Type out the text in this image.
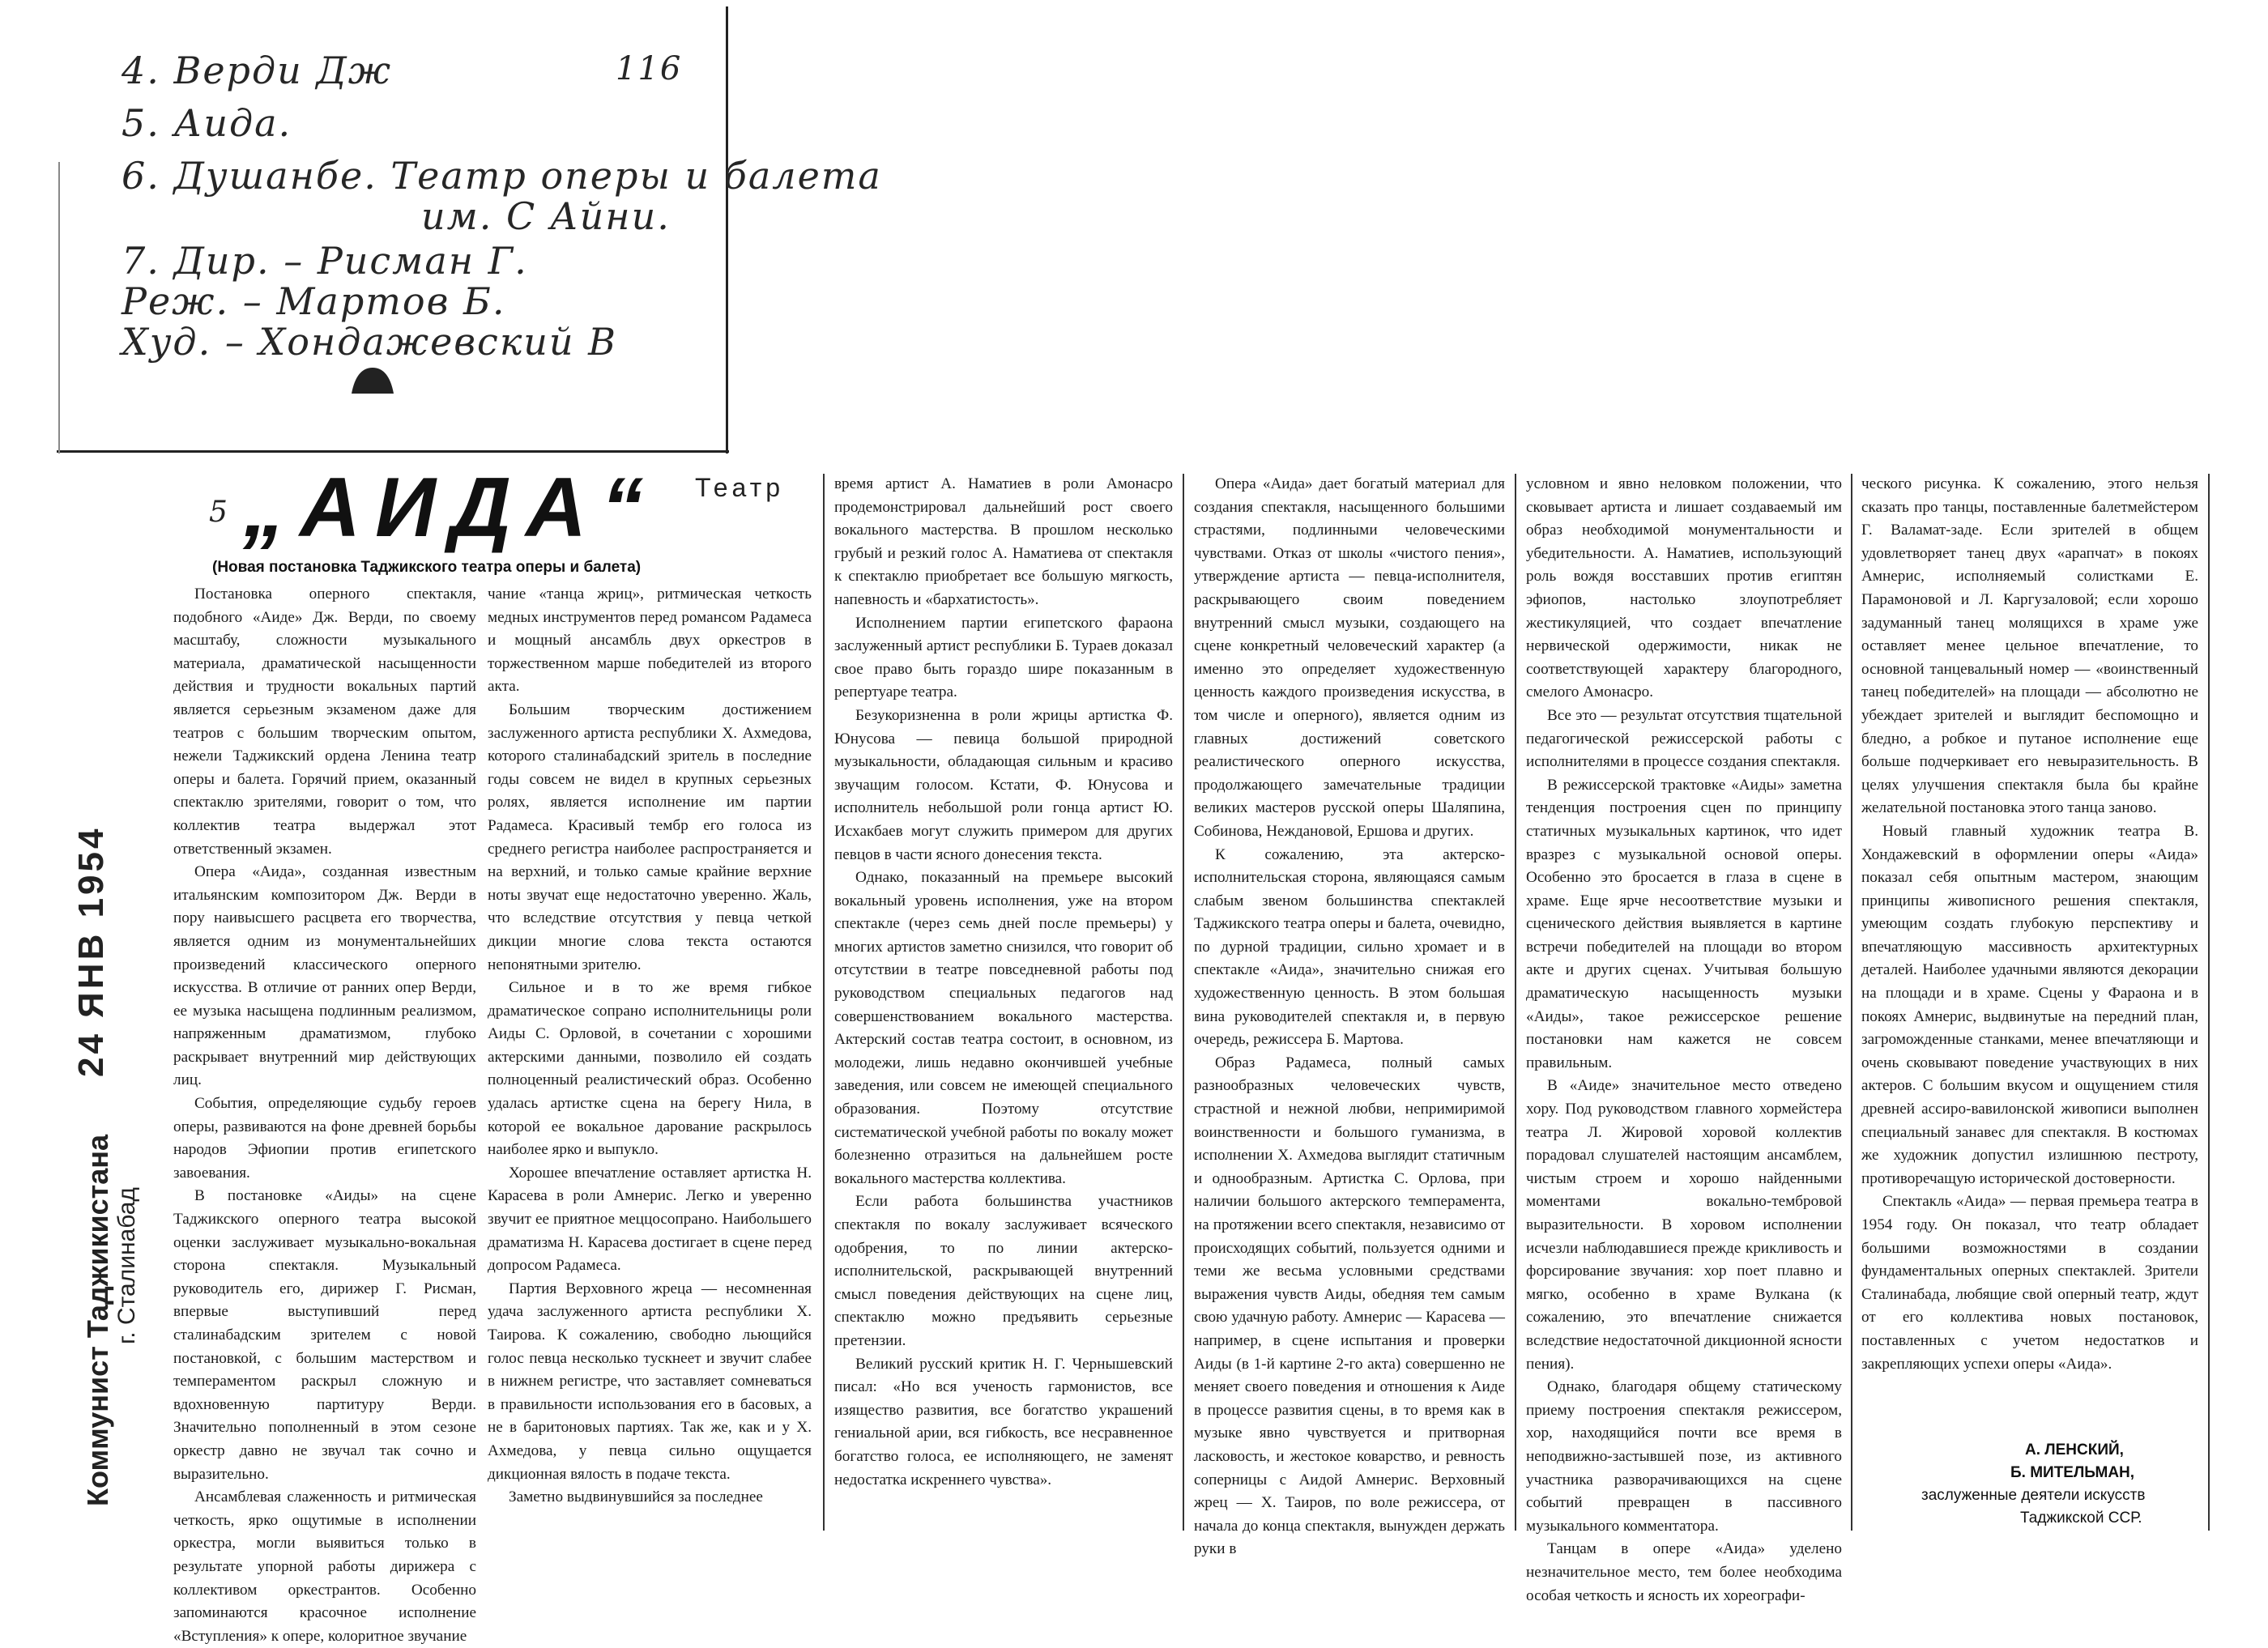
4. Верди Дж	116
5. Аида.
6. Душанбе. Театр оперы и балета
им. С Айни.
7. Дир. – Рисман Г.
Реж. – Мартов Б.
Худ. – Хондажевский В
5 „АИДА“ Театр
(Новая постановка Таджикского театра оперы и балета)

Постановка оперного спектакля, подобного «Аиде» Дж. Верди, по своему масштабу, сложности музыкального материала, драматической насыщенности действия и трудности вокальных партий является серьезным экзаменом даже для театров с большим творческим опытом, нежели Таджикский ордена Ленина театр оперы и балета. Горячий прием, оказанный спектаклю зрителями, говорит о том, что коллектив театра выдержал этот ответственный экзамен.

Опера «Аида», созданная известным итальянским композитором Дж. Верди в пору наивысшего расцвета его творчества, является одним из монументальнейших произведений классического оперного искусства. В отличие от ранних опер Верди, ее музыка насыщена подлинным реализмом, напряженным драматизмом, глубоко раскрывает внутренний мир действующих лиц.

События, определяющие судьбу героев оперы, развиваются на фоне древней борьбы народов Эфиопии против египетского завоевания.

В постановке «Аиды» на сцене Таджикского оперного театра высокой оценки заслуживает музыкально-вокальная сторона спектакля. Музыкальный руководитель его, дирижер Г. Рисман, впервые выступивший перед сталинабадским зрителем с новой постановкой, с большим мастерством и темпераментом раскрыл сложную и вдохновенную партитуру Верди. Значительно пополненный в этом сезоне оркестр давно не звучал так сочно и выразительно.

Ансамблевая слаженность и ритмическая четкость, ярко ощутимые в исполнении оркестра, могли выявиться только в результате упорной работы дирижера с коллективом оркестрантов. Особенно запоминаются красочное исполнение «Вступления» к опере, колоритное звучание

чание «танца жриц», ритмическая четкость медных инструментов перед романсом Радамеса и мощный ансамбль двух оркестров в торжественном марше победителей из второго акта.

Большим творческим достижением заслуженного артиста республики Х. Ахмедова, которого сталинабадский зритель в последние годы совсем не видел в крупных серьезных ролях, является исполнение им партии Радамеса. Красивый тембр его голоса из среднего регистра наиболее распространяется и на верхний, и только самые крайние верхние ноты звучат еще недостаточно уверенно. Жаль, что вследствие отсутствия у певца четкой дикции многие слова текста остаются непонятными зрителю.

Сильное и в то же время гибкое драматическое сопрано исполнительницы роли Аиды С. Орловой, в сочетании с хорошими актерскими данными, позволило ей создать полноценный реалистический образ. Особенно удалась артистке сцена на берегу Нила, в которой ее вокальное дарование раскрылось наиболее ярко и выпукло.

Хорошее впечатление оставляет артистка Н. Карасева в роли Амнерис. Легко и уверенно звучит ее приятное меццосопрано. Наибольшего драматизма Н. Карасева достигает в сцене перед допросом Радамеса.

Партия Верховного жреца — несомненная удача заслуженного артиста республики Х. Таирова. К сожалению, свободно льющийся голос певца несколько тускнеет и звучит слабее в нижнем регистре, что заставляет сомневаться в правильности использования его в басовых, а не в баритоновых партиях. Так же, как и у Х. Ахмедова, у певца сильно ощущается дикционная вялость в подаче текста.

Заметно выдвинувшийся за последнее

время артист А. Наматиев в роли Амонасро продемонстрировал дальнейший рост своего вокального мастерства. В прошлом несколько грубый и резкий голос А. Наматиева от спектакля к спектаклю приобретает все большую мягкость, напевность и «бархатистость».

Исполнением партии египетского фараона заслуженный артист республики Б. Тураев доказал свое право быть гораздо шире показанным в репертуаре театра.

Безукоризненна в роли жрицы артистка Ф. Юнусова — певица большой природной музыкальности, обладающая сильным и красиво звучащим голосом. Кстати, Ф. Юнусова и исполнитель небольшой роли гонца артист Ю. Исхакбаев могут служить примером для других певцов в части ясного донесения текста.

Однако, показанный на премьере высокий вокальный уровень исполнения, уже на втором спектакле (через семь дней после премьеры) у многих артистов заметно снизился, что говорит об отсутствии в театре повседневной работы под руководством специальных педагогов над совершенствованием вокального мастерства. Актерский состав театра состоит, в основном, из молодежи, лишь недавно окончившей учебные заведения, или совсем не имеющей специального образования. Поэтому отсутствие систематической учебной работы по вокалу может болезненно отразиться на дальнейшем росте вокального мастерства коллектива.

Если работа большинства участников спектакля по вокалу заслуживает всяческого одобрения, то по линии актерско-исполнительской, раскрывающей внутренний смысл поведения действующих на сцене лиц, спектаклю можно предъявить серьезные претензии.

Великий русский критик Н. Г. Чернышевский писал: «Но вся ученость гармонистов, все изящество развития, все богатство украшений гениальной арии, вся гибкость, все несравненное богатство голоса, ее исполняющего, не заменят недостатка искреннего чувства».

Опера «Аида» дает богатый материал для создания спектакля, насыщенного большими страстями, подлинными человеческими чувствами. Отказ от школы «чистого пения», утверждение артиста — певца-исполнителя, раскрывающего своим поведением внутренний смысл музыки, создающего на сцене конкретный человеческий характер (а именно это определяет художественную ценность каждого произведения искусства, в том числе и оперного), является одним из главных достижений советского реалистического оперного искусства, продолжающего замечательные традиции великих мастеров русской оперы Шаляпина, Собинова, Неждановой, Ершова и других.

К сожалению, эта актерско-исполнительская сторона, являющаяся самым слабым звеном большинства спектаклей Таджикского театра оперы и балета, очевидно, по дурной традиции, сильно хромает и в спектакле «Аида», значительно снижая его художественную ценность. В этом большая вина руководителей спектакля и, в первую очередь, режиссера Б. Мартова.

Образ Радамеса, полный самых разнообразных человеческих чувств, страстной и нежной любви, непримиримой воинственности и большого гуманизма, в исполнении Х. Ахмедова выглядит статичным и однообразным. Артистка С. Орлова, при наличии большого актерского темперамента, на протяжении всего спектакля, независимо от происходящих событий, пользуется одними и теми же весьма условными средствами выражения чувств Аиды, обедняя тем самым свою удачную работу. Амнерис — Карасева — например, в сцене испытания и проверки Аиды (в 1-й картине 2-го акта) совершенно не меняет своего поведения и отношения к Аиде в процессе развития сцены, в то время как в музыке явно чувствуется и притворная ласковость, и жестокое коварство, и ревность соперницы с Аидой Амнерис. Верховный жрец — Х. Таиров, по воле режиссера, от начала до конца спектакля, вынужден держать руки в

условном и явно неловком положении, что сковывает артиста и лишает создаваемый им образ необходимой монументальности и убедительности. А. Наматиев, использующий роль вождя восставших против египтян эфиопов, настолько злоупотребляет жестикуляцией, что создает впечатление нервической одержимости, никак не соответствующей характеру благородного, смелого Амонасро.

Все это — результат отсутствия тщательной педагогической режиссерской работы с исполнителями в процессе создания спектакля.

В режиссерской трактовке «Аиды» заметна тенденция построения сцен по принципу статичных музыкальных картинок, что идет вразрез с музыкальной основой оперы. Особенно это бросается в глаза в сцене в храме. Еще ярче несоответствие музыки и сценического действия выявляется в картине встречи победителей на площади во втором акте и других сценах. Учитывая большую драматическую насыщенность музыки «Аиды», такое режиссерское решение постановки нам кажется не совсем правильным.

В «Аиде» значительное место отведено хору. Под руководством главного хормейстера театра Л. Жировой хоровой коллектив порадовал слушателей настоящим ансамблем, чистым строем и хорошо найденными моментами вокально-тембровой выразительности. В хоровом исполнении исчезли наблюдавшиеся прежде крикливость и форсирование звучания: хор поет плавно и мягко, особенно в храме Вулкана (к сожалению, это впечатление снижается вследствие недостаточной дикционной ясности пения).

Однако, благодаря общему статическому приему построения спектакля режиссером, хор, находящийся почти все время в неподвижно-застывшей позе, из активного участника разворачивающихся на сцене событий превращен в пассивного музыкального комментатора.

Танцам в опере «Аида» уделено незначительное место, тем более необходима особая четкость и ясность их хореографи-

ческого рисунка. К сожалению, этого нельзя сказать про танцы, поставленные балетмейстером Г. Валамат-заде. Если зрителей в общем удовлетворяет танец двух «арапчат» в покоях Амнерис, исполняемый солистками Е. Парамоновой и Л. Каргузаловой; если хорошо задуманный танец молящихся в храме уже оставляет менее цельное впечатление, то основной танцевальный номер — «воинственный танец победителей» на площади — абсолютно не убеждает зрителей и выглядит беспомощно и бледно, а робкое и путаное исполнение еще больше подчеркивает его невыразительность. В целях улучшения спектакля была бы крайне желательной постановка этого танца заново.

Новый главный художник театра В. Хондажевский в оформлении оперы «Аида» показал себя опытным мастером, знающим принципы живописного решения спектакля, умеющим создать глубокую перспективу и впечатляющую массивность архитектурных деталей. Наиболее удачными являются декорации на площади и в храме. Сцены у Фараона и в покоях Амнерис, выдвинутые на передний план, загроможденные станками, менее впечатляющи и очень сковывают поведение участвующих в них актеров. С большим вкусом и ощущением стиля древней ассиро-вавилонской живописи выполнен специальный занавес для спектакля. В костюмах же художник допустил излишнюю пестроту, противоречащую исторической достоверности.

Спектакль «Аида» — первая премьера театра в 1954 году. Он показал, что театр обладает большими возможностями в создании фундаментальных оперных спектаклей. Зрители Сталинабада, любящие свой оперный театр, ждут от его коллектива новых постановок, поставленных с учетом недостатков и закрепляющих успехи оперы «Аида».

А. ЛЕНСКИЙ,
Б. МИТЕЛЬМАН,
заслуженные деятели искусств
Таджикской ССР.
24 ЯНВ 1954
Коммунист Таджикистана г. Сталинабад
